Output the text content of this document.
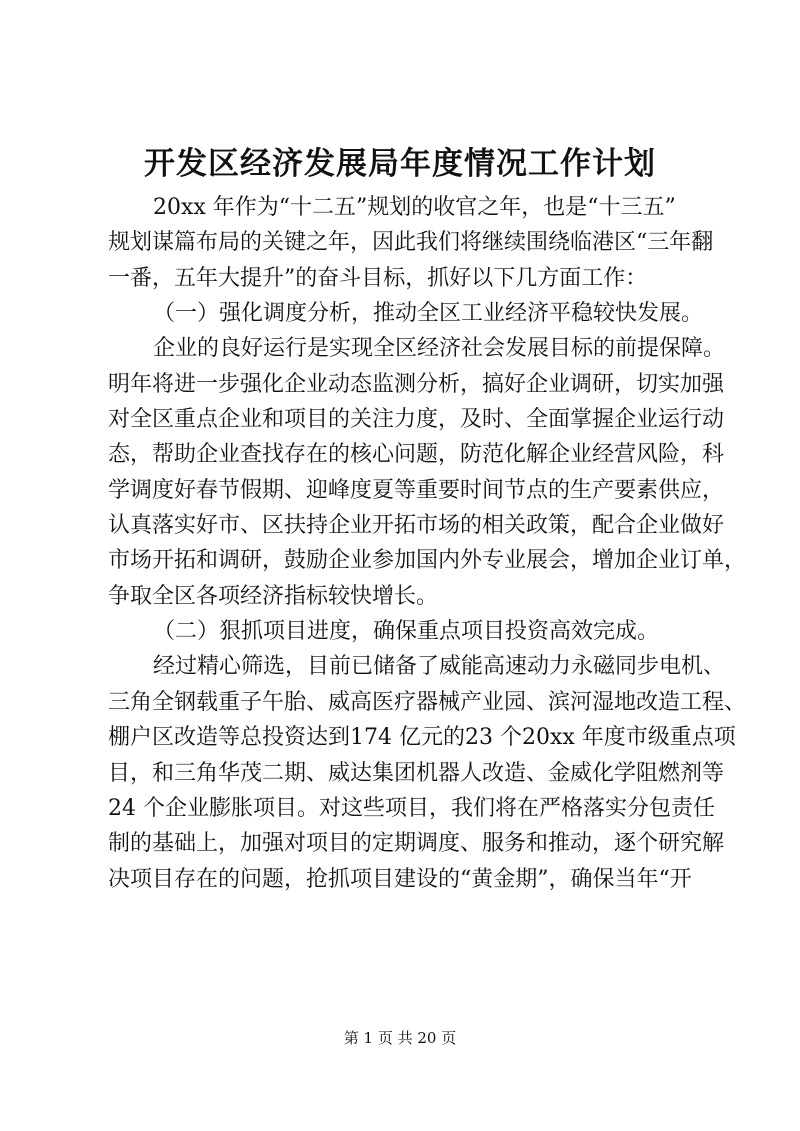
开发区经济发展局年度情况工作计划
20xx 年作为“十二五”规划的收官之年，也是“十三五”
规划谋篇布局的关键之年，因此我们将继续围绕临港区“三年翻
一番，五年大提升”的奋斗目标，抓好以下几方面工作：
（一）强化调度分析，推动全区工业经济平稳较快发展。
企业的良好运行是实现全区经济社会发展目标的前提保障。
明年将进一步强化企业动态监测分析，搞好企业调研，切实加强
对全区重点企业和项目的关注力度，及时、全面掌握企业运行动
态，帮助企业查找存在的核心问题，防范化解企业经营风险，科
学调度好春节假期、迎峰度夏等重要时间节点的生产要素供应，
认真落实好市、区扶持企业开拓市场的相关政策，配合企业做好
市场开拓和调研，鼓励企业参加国内外专业展会，增加企业订单，
争取全区各项经济指标较快增长。
（二）狠抓项目进度，确保重点项目投资高效完成。
经过精心筛选，目前已储备了威能高速动力永磁同步电机、
三角全钢载重子午胎、威高医疗器械产业园、滨河湿地改造工程、
棚户区改造等总投资达到174 亿元的23 个20xx 年度市级重点项
目，和三角华茂二期、威达集团机器人改造、金威化学阻燃剂等
24 个企业膨胀项目。对这些项目，我们将在严格落实分包责任
制的基础上，加强对项目的定期调度、服务和推动，逐个研究解
决项目存在的问题，抢抓项目建设的“黄金期”，确保当年“开
第 1 页 共 20 页
